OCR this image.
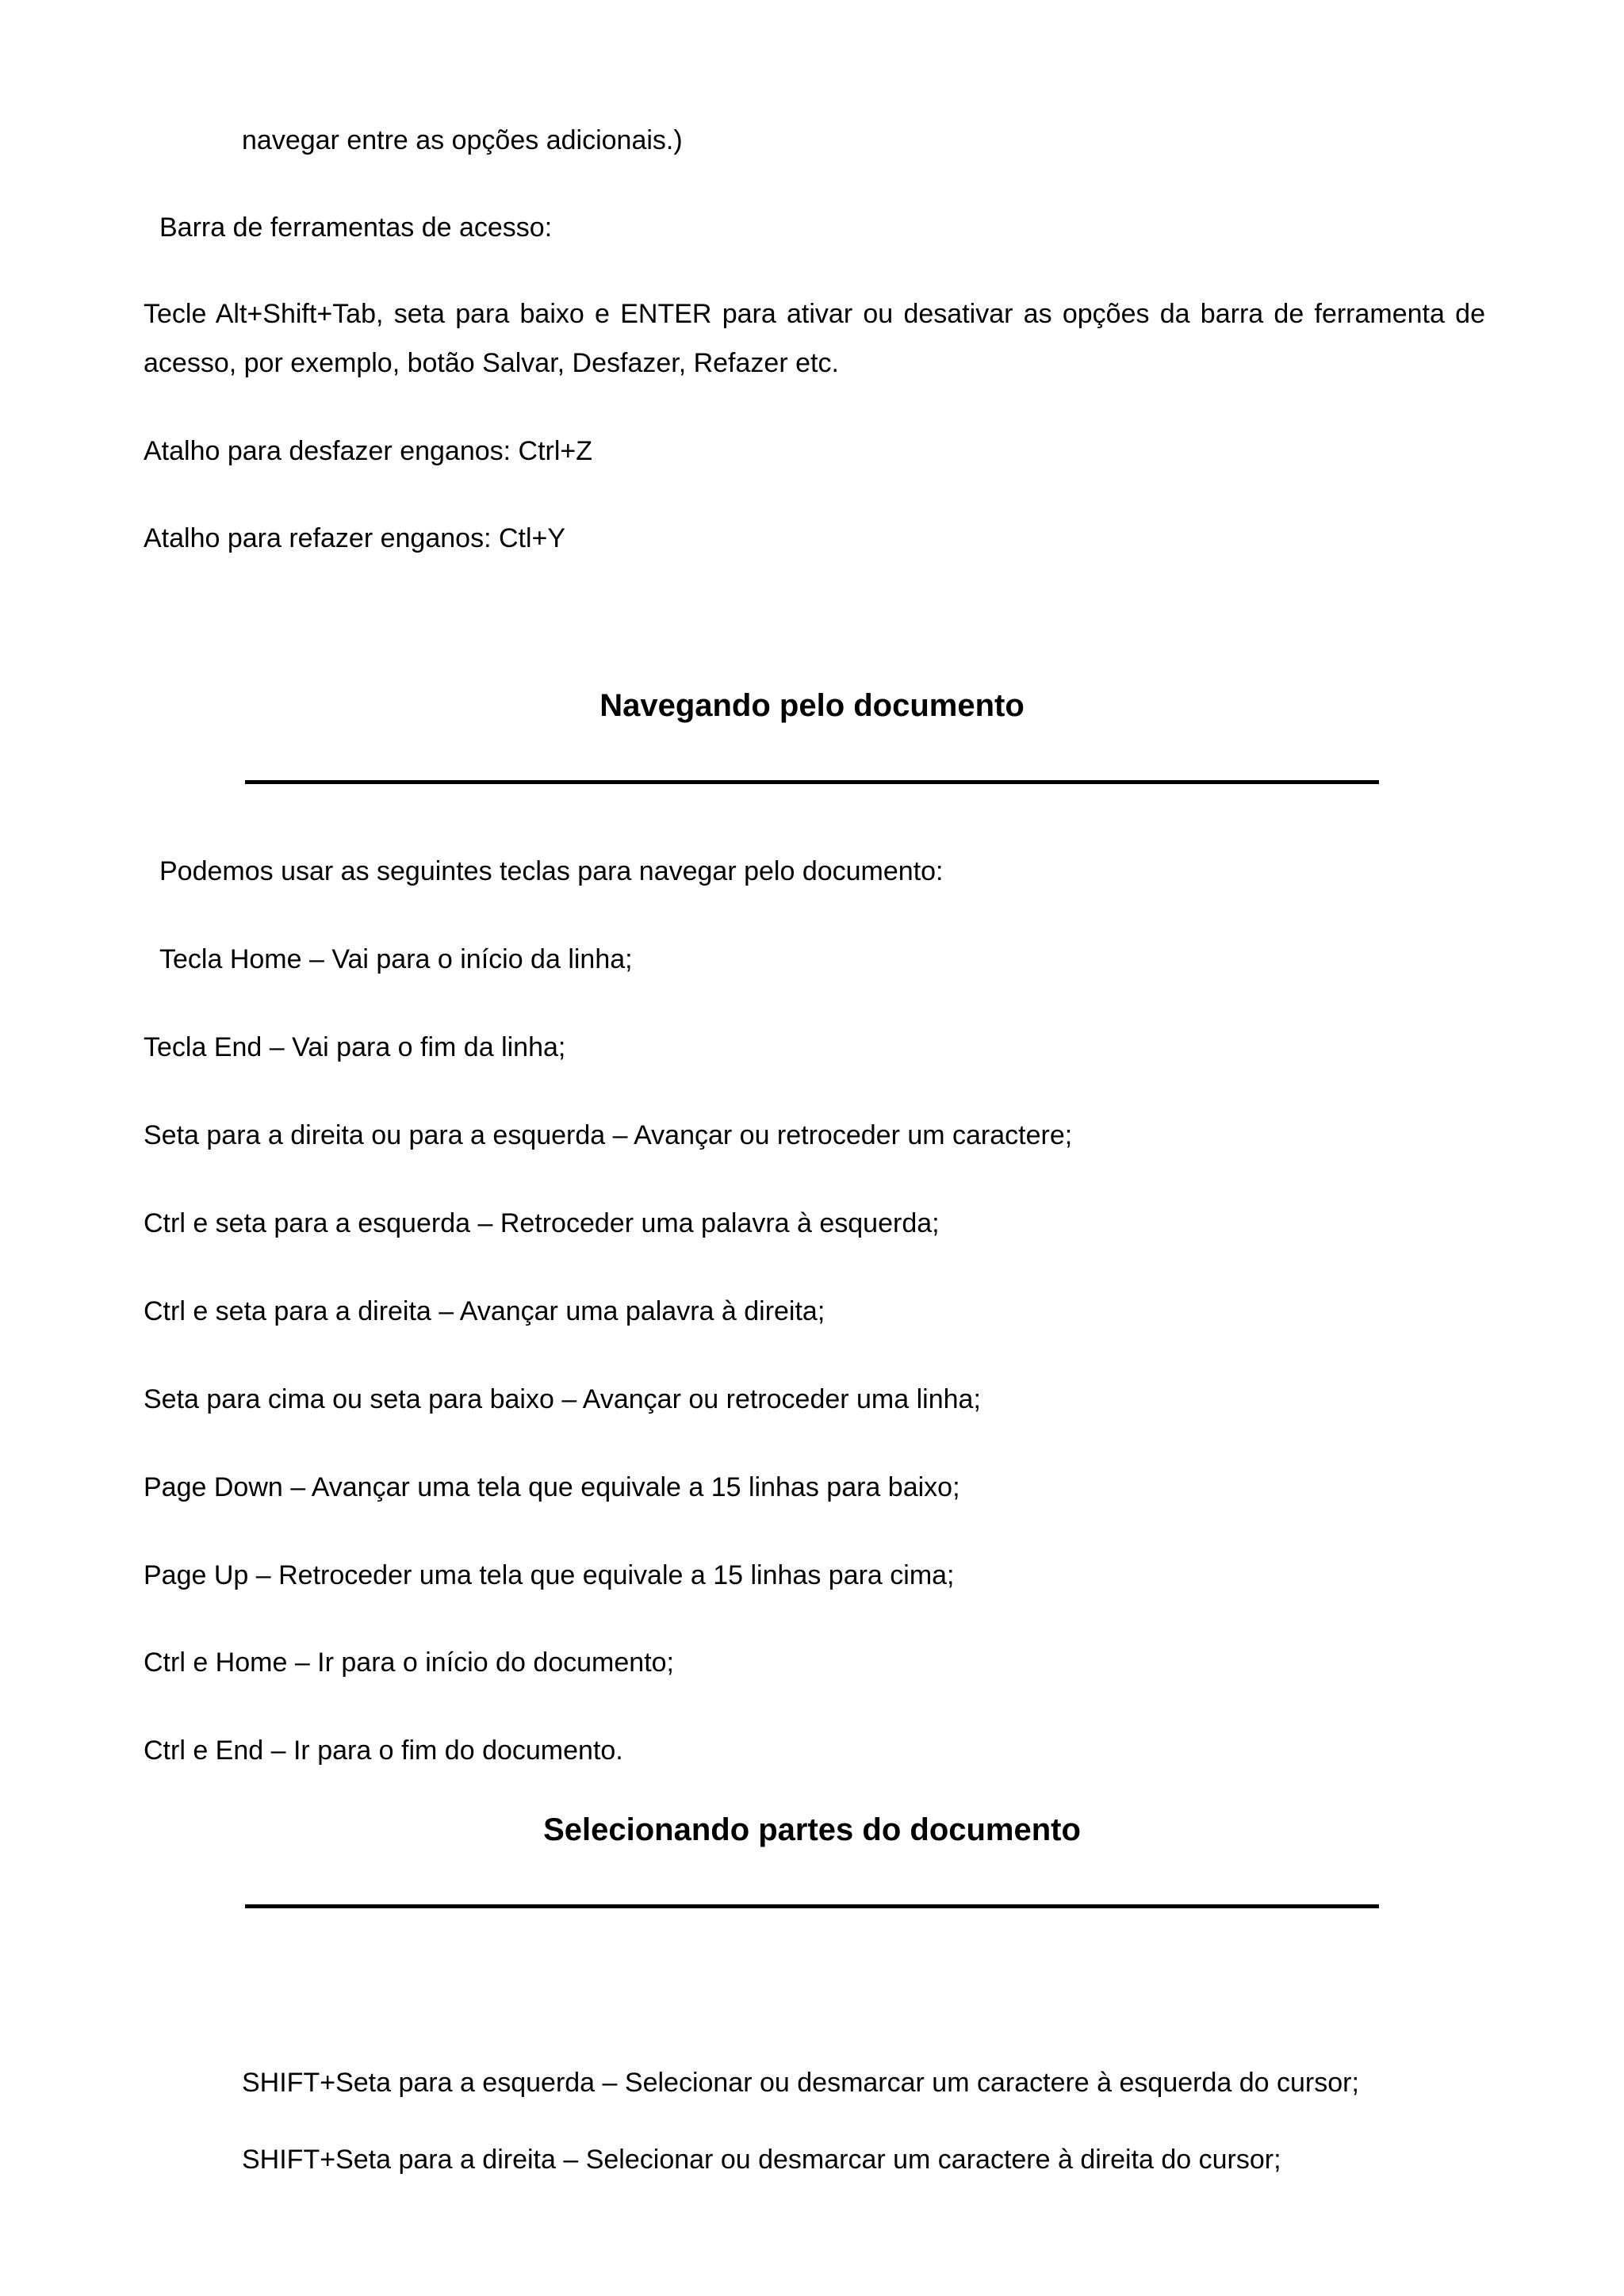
navegar entre as opções adicionais.)
Barra de ferramentas de acesso:
Tecle Alt+Shift+Tab, seta para baixo e ENTER para ativar ou desativar as opções da barra de ferramenta de acesso, por exemplo, botão Salvar, Desfazer, Refazer etc.
Atalho para desfazer enganos: Ctrl+Z
Atalho para refazer enganos: Ctl+Y
Navegando pelo documento
Podemos usar as seguintes teclas para navegar pelo documento:
Tecla Home – Vai para o início da linha;
Tecla End – Vai para o fim da linha;
Seta para a direita ou para a esquerda – Avançar ou retroceder um caractere;
Ctrl e seta para a esquerda – Retroceder uma palavra à esquerda;
Ctrl e seta para a direita – Avançar uma palavra à direita;
Seta para cima ou seta para baixo – Avançar ou retroceder uma linha;
Page Down – Avançar uma tela que equivale a 15 linhas para baixo;
Page Up – Retroceder uma tela que equivale a 15 linhas para cima;
Ctrl e Home – Ir para o início do documento;
Ctrl e End – Ir para o fim do documento.
Selecionando partes do documento
SHIFT+Seta para a esquerda – Selecionar ou desmarcar um caractere à esquerda do cursor;
SHIFT+Seta para a direita – Selecionar ou desmarcar um caractere à direita do cursor;
